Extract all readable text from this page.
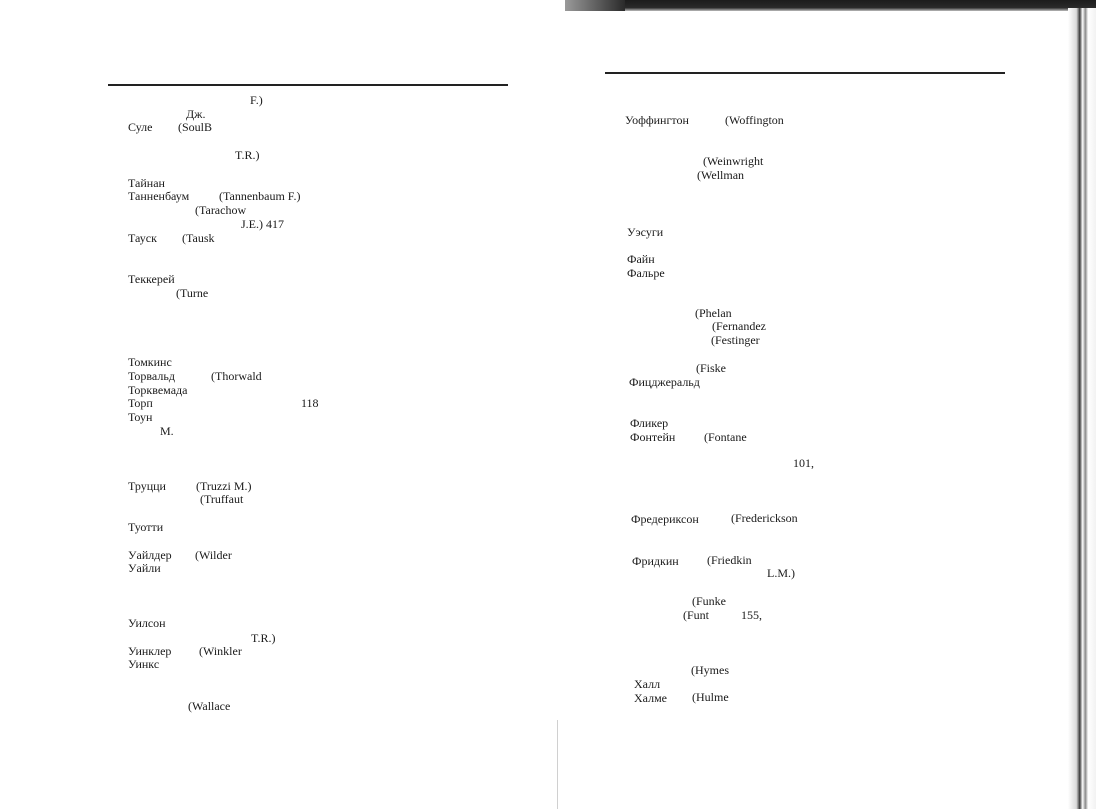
F.)
Дж.
Суле (SoulB
T.R.)
Тайнан
Танненбаум (Tannenbaum F.)
(Tarachow
J.E.) 417
Тауск (Tausk
Теккерей
(Turne
Томкинс
Торвальд	(Thorwald
Торквемада
Торп	118
Тоун
М.
Труцци	(Truzzi M.)
(Truffaut
Туотти
Уайлдер (Wilder
Уайли
Уилсон
T.R.)
Уинклер (Winkler
Уинкс
(Wallace
Уоффингтон	(Woffington
(Weinwright
(Wellman
Уэсуги
Файн
Фальре
(Phelan
(Fernandez
(Festinger
(Fiske
Фицджеральд
Фликер
Фонтейн (Fontane
101,
Фредериксон	(Frederickson
Фридкин (Friedkin
L.M.)
(Funke
(Funt	155,
(Hymes
Халл
Халме (Hulme
